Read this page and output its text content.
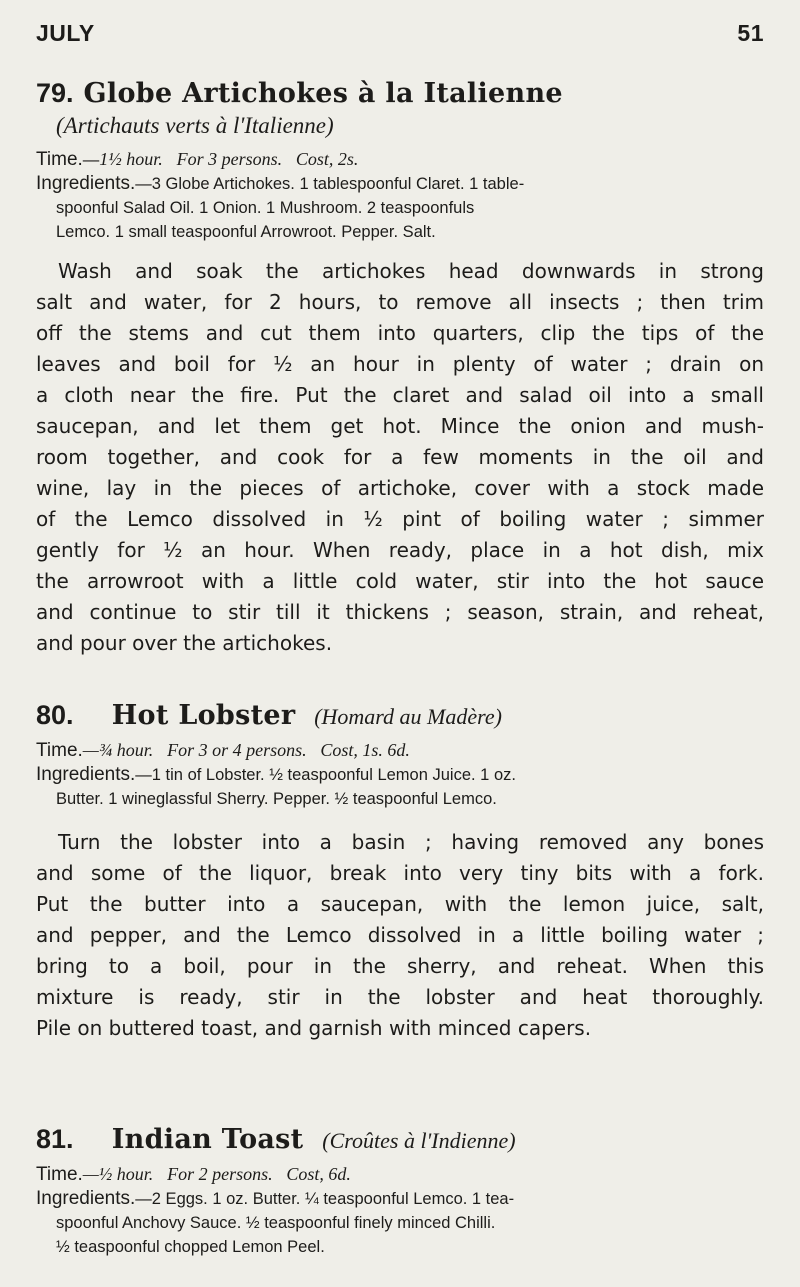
JULY	51
79. Globe Artichokes à la Italienne
(Artichauts verts à l'Italienne)
Time.—1½ hour. For 3 persons. Cost, 2s.
Ingredients.—3 Globe Artichokes. 1 tablespoonful Claret. 1 table-
spoonful Salad Oil. 1 Onion. 1 Mushroom. 2 teaspoonfuls
Lemco. 1 small teaspoonful Arrowroot. Pepper. Salt.
Wash and soak the artichokes head downwards in strong
salt and water, for 2 hours, to remove all insects ; then trim
off the stems and cut them into quarters, clip the tips of the
leaves and boil for ½ an hour in plenty of water ; drain on
a cloth near the fire. Put the claret and salad oil into a small
saucepan, and let them get hot. Mince the onion and mush-
room together, and cook for a few moments in the oil and
wine, lay in the pieces of artichoke, cover with a stock made
of the Lemco dissolved in ½ pint of boiling water ; simmer
gently for ½ an hour. When ready, place in a hot dish, mix
the arrowroot with a little cold water, stir into the hot sauce
and continue to stir till it thickens ; season, strain, and reheat,
and pour over the artichokes.
80. Hot Lobster (Homard au Madère)
Time.—¾ hour. For 3 or 4 persons. Cost, 1s. 6d.
Ingredients.—1 tin of Lobster. ½ teaspoonful Lemon Juice. 1 oz.
Butter. 1 wineglassful Sherry. Pepper. ½ teaspoonful Lemco.
Turn the lobster into a basin ; having removed any bones
and some of the liquor, break into very tiny bits with a fork.
Put the butter into a saucepan, with the lemon juice, salt,
and pepper, and the Lemco dissolved in a little boiling water ;
bring to a boil, pour in the sherry, and reheat. When this
mixture is ready, stir in the lobster and heat thoroughly.
Pile on buttered toast, and garnish with minced capers.
81. Indian Toast (Croûtes à l'Indienne)
Time.—½ hour. For 2 persons. Cost, 6d.
Ingredients.—2 Eggs. 1 oz. Butter. ¼ teaspoonful Lemco. 1 tea-
spoonful Anchovy Sauce. ½ teaspoonful finely minced Chilli.
½ teaspoonful chopped Lemon Peel.
